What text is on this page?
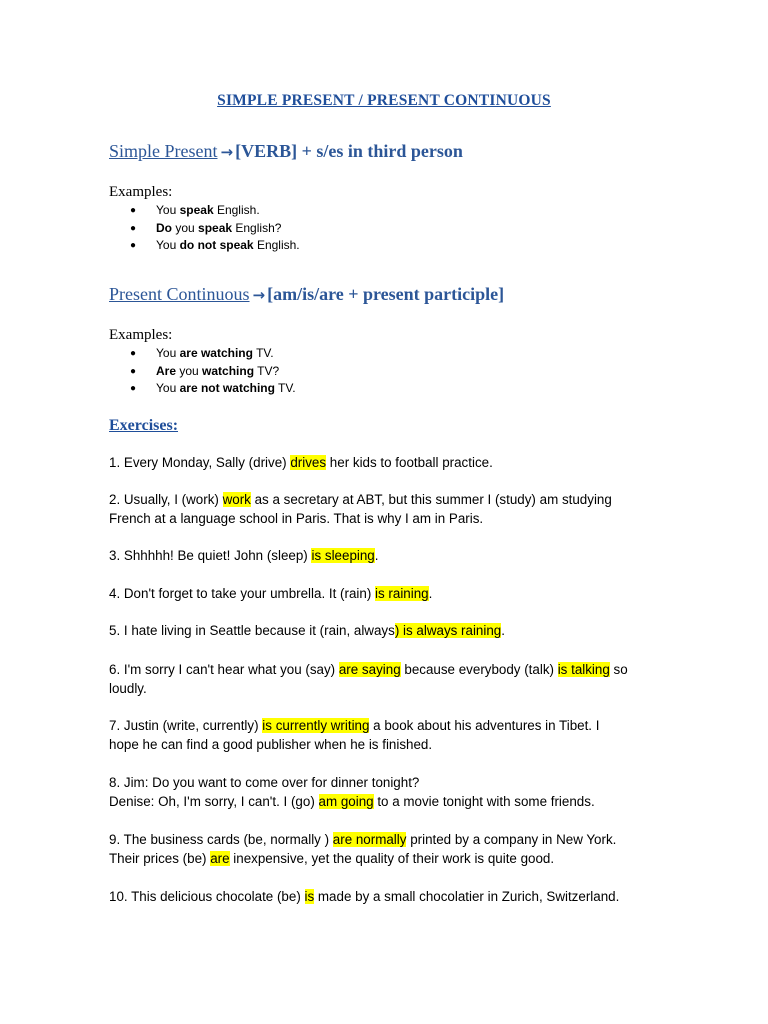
SIMPLE PRESENT / PRESENT CONTINUOUS
Simple Present → [VERB] + s/es in third person
Examples:
● You speak English.
● Do you speak English?
● You do not speak English.
Present Continuous → [am/is/are + present participle]
Examples:
● You are watching TV.
● Are you watching TV?
● You are not watching TV.
Exercises:

1. Every Monday, Sally (drive) drives her kids to football practice.

2. Usually, I (work) work as a secretary at ABT, but this summer I (study) am studying

French at a language school in Paris. That is why I am in Paris.

3. Shhhhh! Be quiet! John (sleep) is sleeping.

4. Don't forget to take your umbrella. It (rain) is raining.

5. I hate living in Seattle because it (rain, always) is always raining.

6. I'm sorry I can't hear what you (say) are saying because everybody (talk) is talking so

loudly.

7. Justin (write, currently) is currently writing a book about his adventures in Tibet. I

hope he can find a good publisher when he is finished.

8. Jim: Do you want to come over for dinner tonight?

Denise: Oh, I'm sorry, I can't. I (go) am going to a movie tonight with some friends.

9. The business cards (be, normally ) are normally printed by a company in New York.

Their prices (be) are inexpensive, yet the quality of their work is quite good.

10. This delicious chocolate (be) is made by a small chocolatier in Zurich, Switzerland.
